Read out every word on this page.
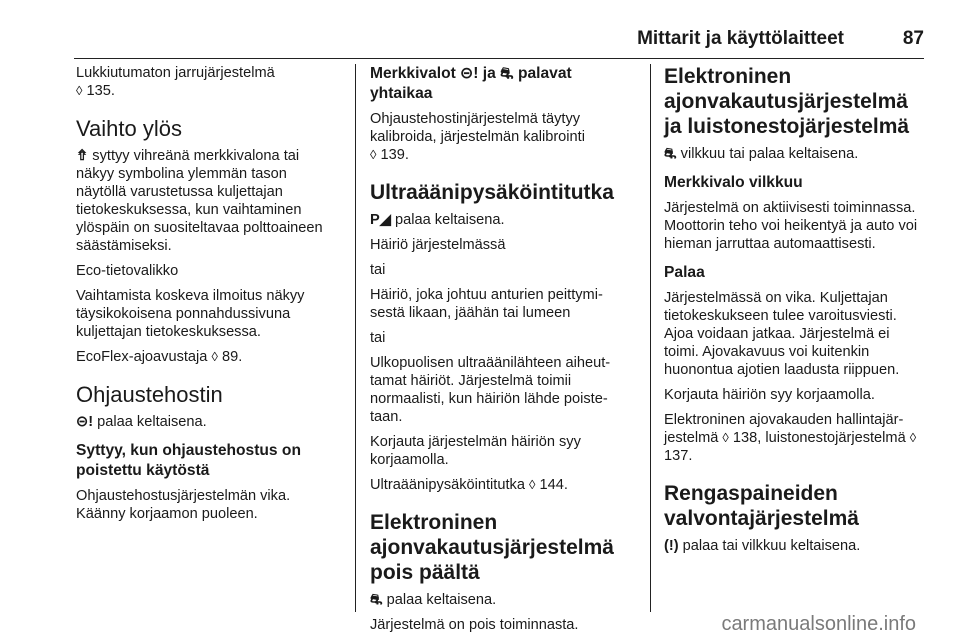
Mittarit ja käyttölaitteet	87

Lukkiutumaton jarrujärjestelmä
◊ 135.

Vaihto ylös

⇮ syttyy vihreänä merkkivalona tai näkyy symbolina ylemmän tason näytöllä varustetussa kuljettajan tietokeskuksessa, kun vaihtaminen ylöspäin on suositeltavaa polttoaineen säästämiseksi.

Eco-tietovalikko

Vaihtamista koskeva ilmoitus näkyy täysikokoisena ponnahdussivuna kuljettajan tietokeskuksessa.

EcoFlex-ajoavustaja ◊ 89.

Ohjaustehostin

⊝! palaa keltaisena.

Syttyy, kun ohjaustehostus on poistettu käytöstä

Ohjaustehostusjärjestelmän vika. Käänny korjaamon puoleen.

Merkkivalot ⊝! ja ⛐ palavat yhtaikaa

Ohjaustehostinjärjestelmä täytyy kalibroida, järjestelmän kalibrointi
◊ 139.

Ultraäänipysäköintitutka

P◢ palaa keltaisena.

Häiriö järjestelmässä

tai

Häiriö, joka johtuu anturien peittymisestä likaan, jäähän tai lumeen

tai

Ulkopuolisen ultraäänilähteen aiheuttamat häiriöt. Järjestelmä toimii normaalisti, kun häiriön lähde poistetaan.

Korjauta järjestelmän häiriön syy korjaamolla.

Ultraäänipysäköintitutka ◊ 144.

Elektroninen ajonvakautusjärjestelmä pois päältä

⛐ palaa keltaisena.

Järjestelmä on pois toiminnasta.

Elektroninen ajonvakautusjärjestelmä ja luistonestojärjestelmä

⛐ vilkkuu tai palaa keltaisena.

Merkkivalo vilkkuu

Järjestelmä on aktiivisesti toiminnassa. Moottorin teho voi heikentyä ja auto voi hieman jarruttaa automaattisesti.

Palaa

Järjestelmässä on vika. Kuljettajan tietokeskukseen tulee varoitusviesti. Ajoa voidaan jatkaa. Järjestelmä ei toimi. Ajovakavuus voi kuitenkin huonontua ajotien laadusta riippuen.

Korjauta häiriön syy korjaamolla.

Elektroninen ajovakauden hallintajärjestelmä ◊ 138, luistonestojärjestelmä ◊ 137.

Rengaspaineiden valvontajärjestelmä

(!) palaa tai vilkkuu keltaisena.

carmanualsonline.info
